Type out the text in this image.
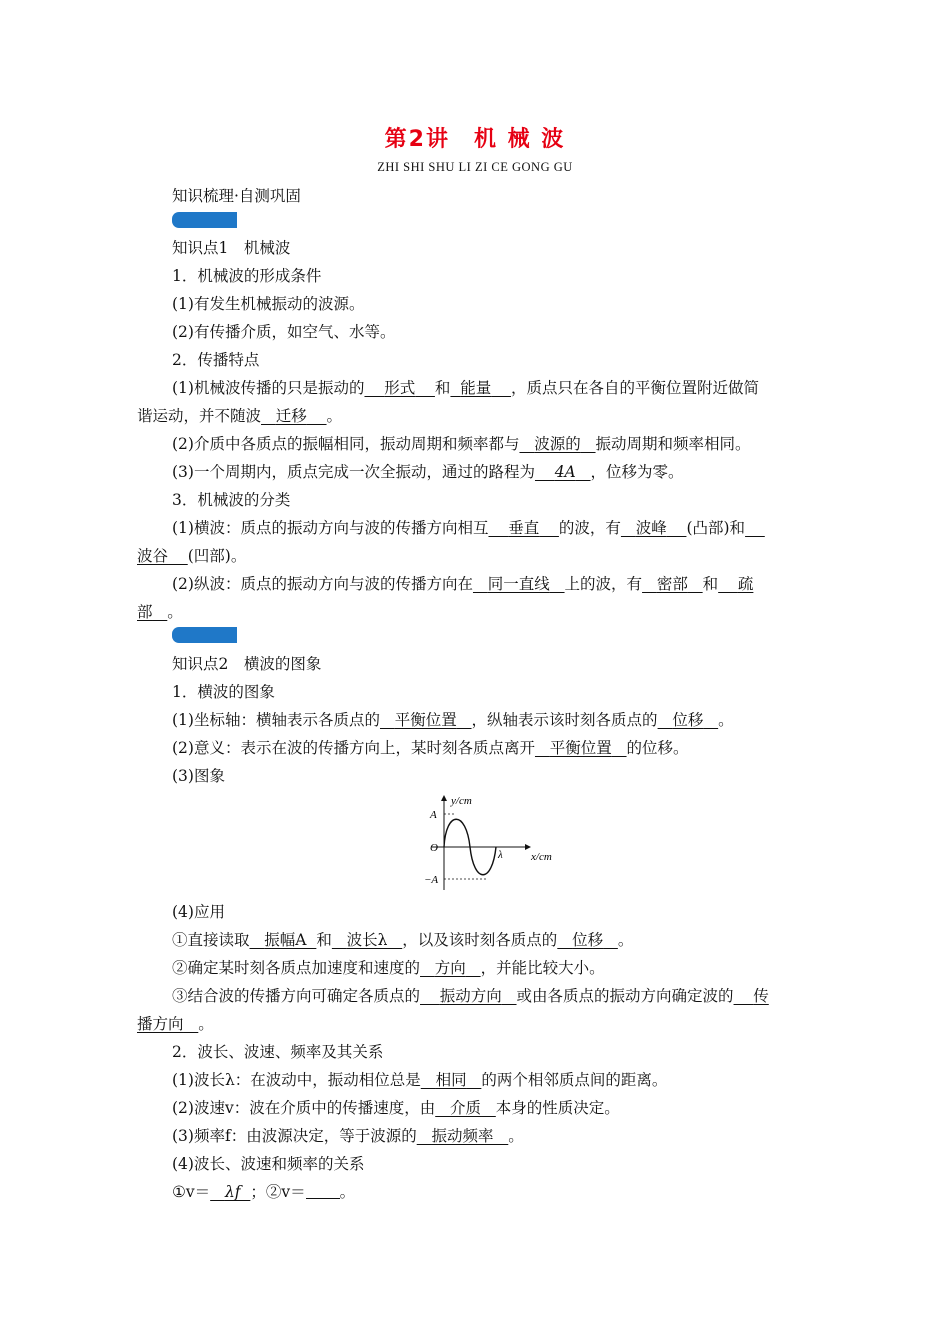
第2讲　机 械 波
ZHI SHI SHU LI ZI CE GONG GU
知识梳理·自测巩固
知识点1　机械波
1．机械波的形成条件
(1)有发生机械振动的波源。
(2)有传播介质，如空气、水等。
2．传播特点
(1)机械波传播的只是振动的 形式 和 能量 ，质点只在各自的平衡位置附近做简
谐运动，并不随波 迁移 。
(2)介质中各质点的振幅相同，振动周期和频率都与 波源的 振动周期和频率相同。
(3)一个周期内，质点完成一次全振动，通过的路程为 4A ，位移为零。
3．机械波的分类
(1)横波：质点的振动方向与波的传播方向相互 垂直 的波，有 波峰 (凸部)和
波谷 (凹部)。
(2)纵波：质点的振动方向与波的传播方向在 同一直线 上的波，有 密部 和 疏
部 。
知识点2　横波的图象
1．横波的图象
(1)坐标轴：横轴表示各质点的 平衡位置 ，纵轴表示该时刻各质点的 位移 。
(2)意义：表示在波的传播方向上，某时刻各质点离开 平衡位置 的位移。
(3)图象
y/cm
x/cm
A
O
−A
λ
(4)应用
①直接读取 振幅A 和 波长λ ，以及该时刻各质点的 位移 。
②确定某时刻各质点加速度和速度的 方向 ，并能比较大小。
③结合波的传播方向可确定各质点的 振动方向 或由各质点的振动方向确定波的 传
播方向 。
2．波长、波速、频率及其关系
(1)波长λ：在波动中，振动相位总是 相同 的两个相邻质点间的距离。
(2)波速v：波在介质中的传播速度，由 介质 本身的性质决定。
(3)频率f：由波源决定，等于波源的 振动频率 。
(4)波长、波速和频率的关系
①v＝ λf ；②v＝ 。
